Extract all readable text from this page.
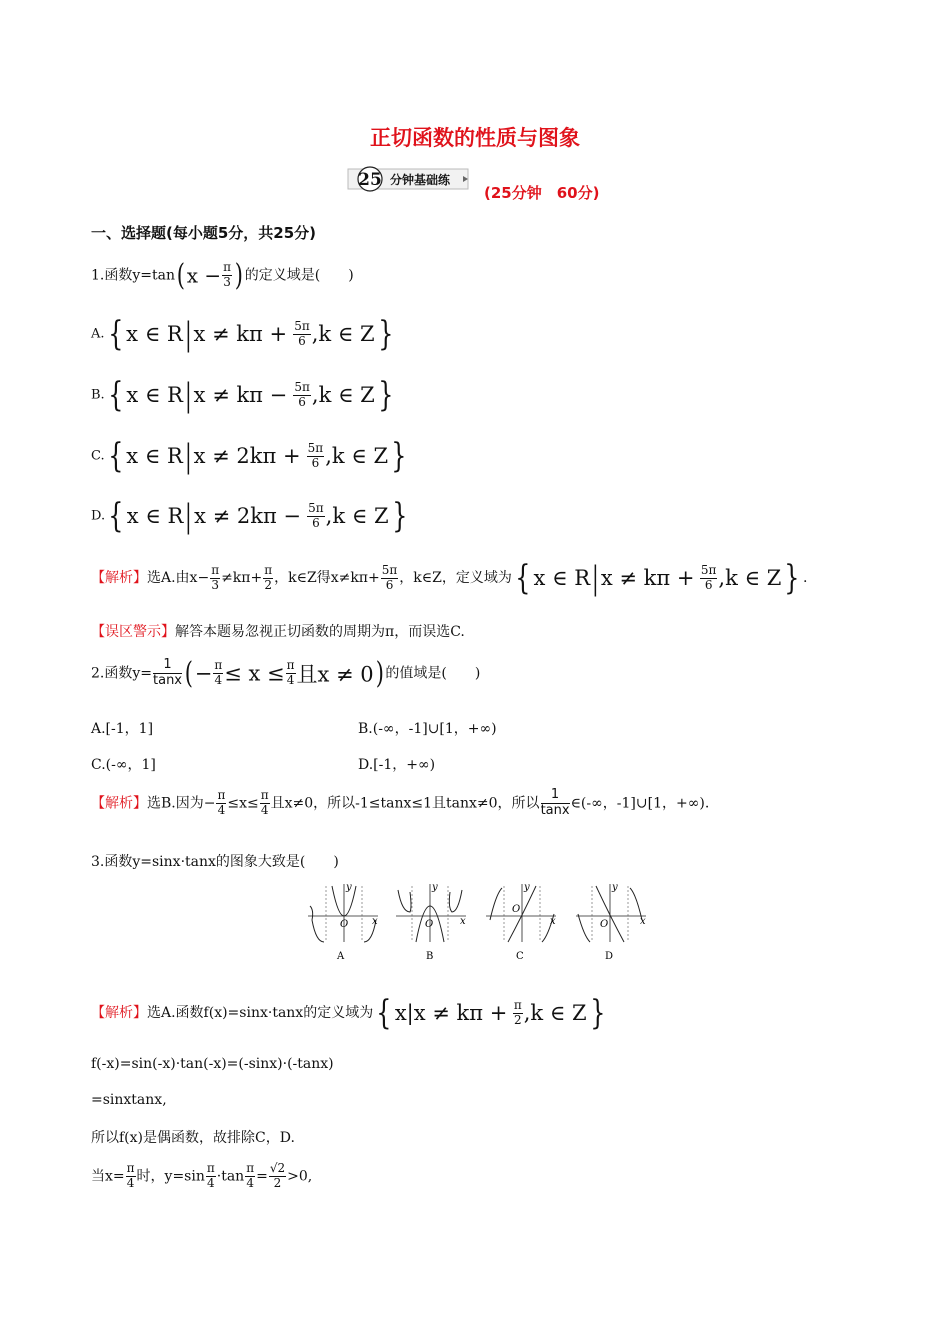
正切函数的性质与图象
25 分钟基础练
(25分钟　60分)
一、选择题(每小题5分，共25分)
1.函数$y=\tan(x - \frac{\pi}{3}$ ) 的定义域是(　　)
A.{ x ∈ R| $x \ne k\pi + \frac{5\pi}{6} ,k$ ∈ Z}
B.{ x ∈ R| $x \ne k\pi - \frac{5\pi}{6} ,k$ ∈ Z}
C.{ x ∈ R| $x \ne 2k\pi + \frac{5\pi}{6} ,k$ ∈ Z}
D.{ x ∈ R| $x \ne 2k\pi - \frac{5\pi}{6} ,k$ ∈ Z}
【解析】选A.由$x- \frac{\pi}{3} \ne k\pi+ \frac{\pi}{2}$ ，k∈Z得$x\ne k\pi+ \frac{5\pi}{6}$ ，k∈Z，定义域为{ x ∈ R| $x \ne k\pi + \frac{5\pi}{6} ,k$ ∈ Z} .
【误区警示】解答本题易忽视正切函数的周期为π，而误选C.
2.函数$y= \frac{1}{\tan x}$ (− $\frac{\pi}{4} \le x \le \frac{\pi}{4}$ 且x ≠ 0) 的值域是(　　)
A.[-1，1]	B.(-∞，-1]∪[1，+∞)
C.(-∞，1]	D.[-1，+∞)
【解析】选B.因为− $\frac{\pi}{4} \le x\le \frac{\pi}{4}$ 且x≠0，所以-1≤tanx≤1且tanx≠0，所以 $\frac{1}{\tan x}$ ∈(-∞，-1]∪[1，+∞).
3.函数y=sinx·tanx的图象大致是(　　)
O x
y
A
O	x
y
B
O
x
y
C
O	x
y
D
【解析】选A.函数f(x)=sinx·tanx的定义域为{ $x|x \ne k\pi + \frac{\pi}{2} ,k$ ∈ Z}
f(-x)=sin(-x)·tan(-x)=(-sinx)·(-tanx)
=sinxtanx,
所以f(x)是偶函数，故排除C，D.
当$x= \frac{\pi}{4}$ 时，$y=\sin \frac{\pi}{4} \cdot\tan \frac{\pi}{4} = \frac{√2}{2} >0$,
